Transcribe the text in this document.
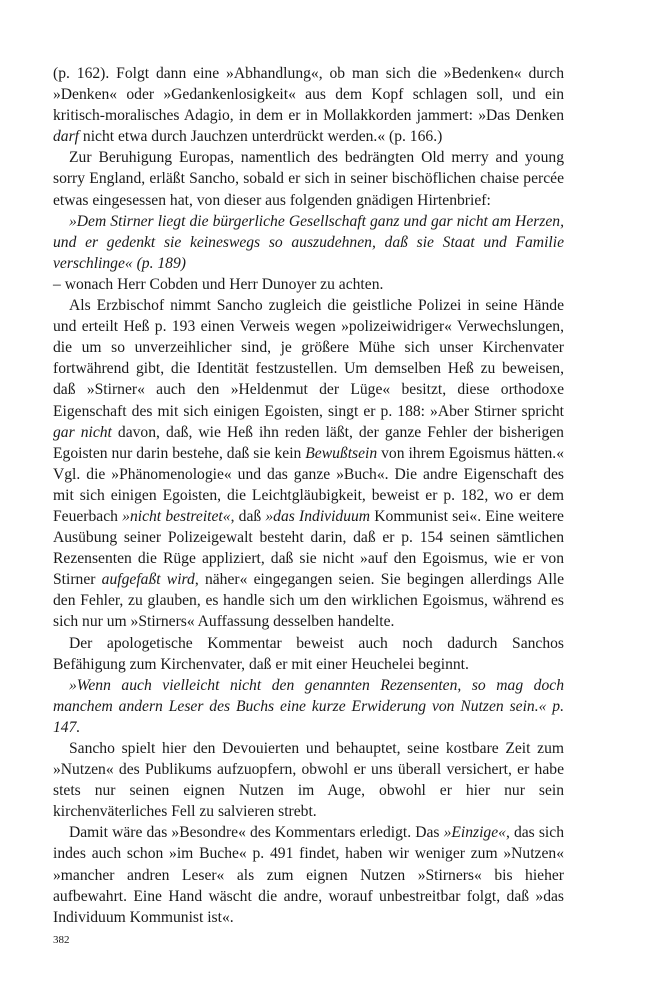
(p. 162). Folgt dann eine »Abhandlung«, ob man sich die »Bedenken« durch »Denken« oder »Gedankenlosigkeit« aus dem Kopf schlagen soll, und ein kritisch-moralisches Adagio, in dem er in Mollakkorden jammert: »Das Denken darf nicht etwa durch Jauchzen unterdrückt werden.« (p. 166.)

Zur Beruhigung Europas, namentlich des bedrängten Old merry and young sorry England, erläßt Sancho, sobald er sich in seiner bischöflichen chaise percée etwas eingesessen hat, von dieser aus folgenden gnädigen Hirtenbrief:

»Dem Stirner liegt die bürgerliche Gesellschaft ganz und gar nicht am Herzen, und er gedenkt sie keineswegs so auszudehnen, daß sie Staat und Familie verschlinge« (p. 189)

– wonach Herr Cobden und Herr Dunoyer zu achten.

Als Erzbischof nimmt Sancho zugleich die geistliche Polizei in seine Hände und erteilt Heß p. 193 einen Verweis wegen »polizeiwidriger« Verwechslungen, die um so unverzeihlicher sind, je größere Mühe sich unser Kirchenvater fortwährend gibt, die Identität festzustellen. Um demselben Heß zu beweisen, daß »Stirner« auch den »Heldenmut der Lüge« besitzt, diese orthodoxe Eigenschaft des mit sich einigen Egoisten, singt er p. 188: »Aber Stirner spricht gar nicht davon, daß, wie Heß ihn reden läßt, der ganze Fehler der bisherigen Egoisten nur darin bestehe, daß sie kein Bewußtsein von ihrem Egoismus hätten.« Vgl. die »Phänomenologie« und das ganze »Buch«. Die andre Eigenschaft des mit sich einigen Egoisten, die Leichtgläubigkeit, beweist er p. 182, wo er dem Feuerbach »nicht bestreitet«, daß »das Individuum Kommunist sei«. Eine weitere Ausübung seiner Polizeigewalt besteht darin, daß er p. 154 seinen sämtlichen Rezensenten die Rüge appliziert, daß sie nicht »auf den Egoismus, wie er von Stirner aufgefaßt wird, näher« eingegangen seien. Sie begingen allerdings Alle den Fehler, zu glauben, es handle sich um den wirklichen Egoismus, während es sich nur um »Stirners« Auffassung desselben handelte.

Der apologetische Kommentar beweist auch noch dadurch Sanchos Befähigung zum Kirchenvater, daß er mit einer Heuchelei beginnt.

»Wenn auch vielleicht nicht den genannten Rezensenten, so mag doch manchem andern Leser des Buchs eine kurze Erwiderung von Nutzen sein.« p. 147.

Sancho spielt hier den Devouierten und behauptet, seine kostbare Zeit zum »Nutzen« des Publikums aufzuopfern, obwohl er uns überall versichert, er habe stets nur seinen eignen Nutzen im Auge, obwohl er hier nur sein kirchenväterliches Fell zu salvieren strebt.

Damit wäre das »Besondre« des Kommentars erledigt. Das »Einzige«, das sich indes auch schon »im Buche« p. 491 findet, haben wir weniger zum »Nutzen« »mancher andren Leser« als zum eignen Nutzen »Stirners« bis hieher aufbewahrt. Eine Hand wäscht die andre, worauf unbestreitbar folgt, daß »das Individuum Kommunist ist«.

382
